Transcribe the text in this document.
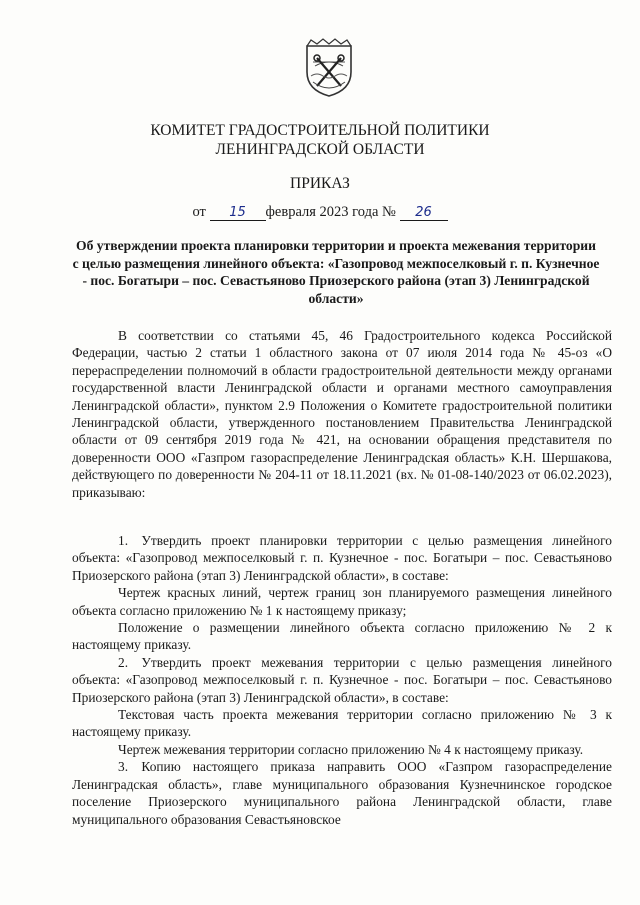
КОМИТЕТ ГРАДОСТРОИТЕЛЬНОЙ ПОЛИТИКИ
ЛЕНИНГРАДСКОЙ ОБЛАСТИ
ПРИКАЗ
от 15 февраля 2023 года № 26
Об утверждении проекта планировки территории и проекта межевания территории с целью размещения линейного объекта: «Газопровод межпоселковый г. п. Кузнечное - пос. Богатыри – пос. Севастьяново Приозерского района (этап 3) Ленинградской области»

В соответствии со статьями 45, 46 Градостроительного кодекса Российской Федерации, частью 2 статьи 1 областного закона от 07 июля 2014 года № 45-оз «О перераспределении полномочий в области градостроительной деятельности между органами государственной власти Ленинградской области и органами местного самоуправления Ленинградской области», пунктом 2.9 Положения о Комитете градостроительной политики Ленинградской области, утвержденного постановлением Правительства Ленинградской области от 09 сентября 2019 года № 421, на основании обращения представителя по доверенности ООО «Газпром газораспределение Ленинградская область» К.Н. Шершакова, действующего по доверенности № 204-11 от 18.11.2021 (вх. № 01-08-140/2023 от 06.02.2023), приказываю:

1. Утвердить проект планировки территории с целью размещения линейного объекта: «Газопровод межпоселковый г. п. Кузнечное - пос. Богатыри – пос. Севастьяново Приозерского района (этап 3) Ленинградской области», в составе:

Чертеж красных линий, чертеж границ зон планируемого размещения линейного объекта согласно приложению № 1 к настоящему приказу;

Положение о размещении линейного объекта согласно приложению № 2 к настоящему приказу.

2. Утвердить проект межевания территории с целью размещения линейного объекта: «Газопровод межпоселковый г. п. Кузнечное - пос. Богатыри – пос. Севастьяново Приозерского района (этап 3) Ленинградской области», в составе:

Текстовая часть проекта межевания территории согласно приложению № 3 к настоящему приказу.

Чертеж межевания территории согласно приложению № 4 к настоящему приказу.

3. Копию настоящего приказа направить ООО «Газпром газораспределение Ленинградская область», главе муниципального образования Кузнечнинское городское поселение Приозерского муниципального района Ленинградской области, главе муниципального образования Севастьяновское
